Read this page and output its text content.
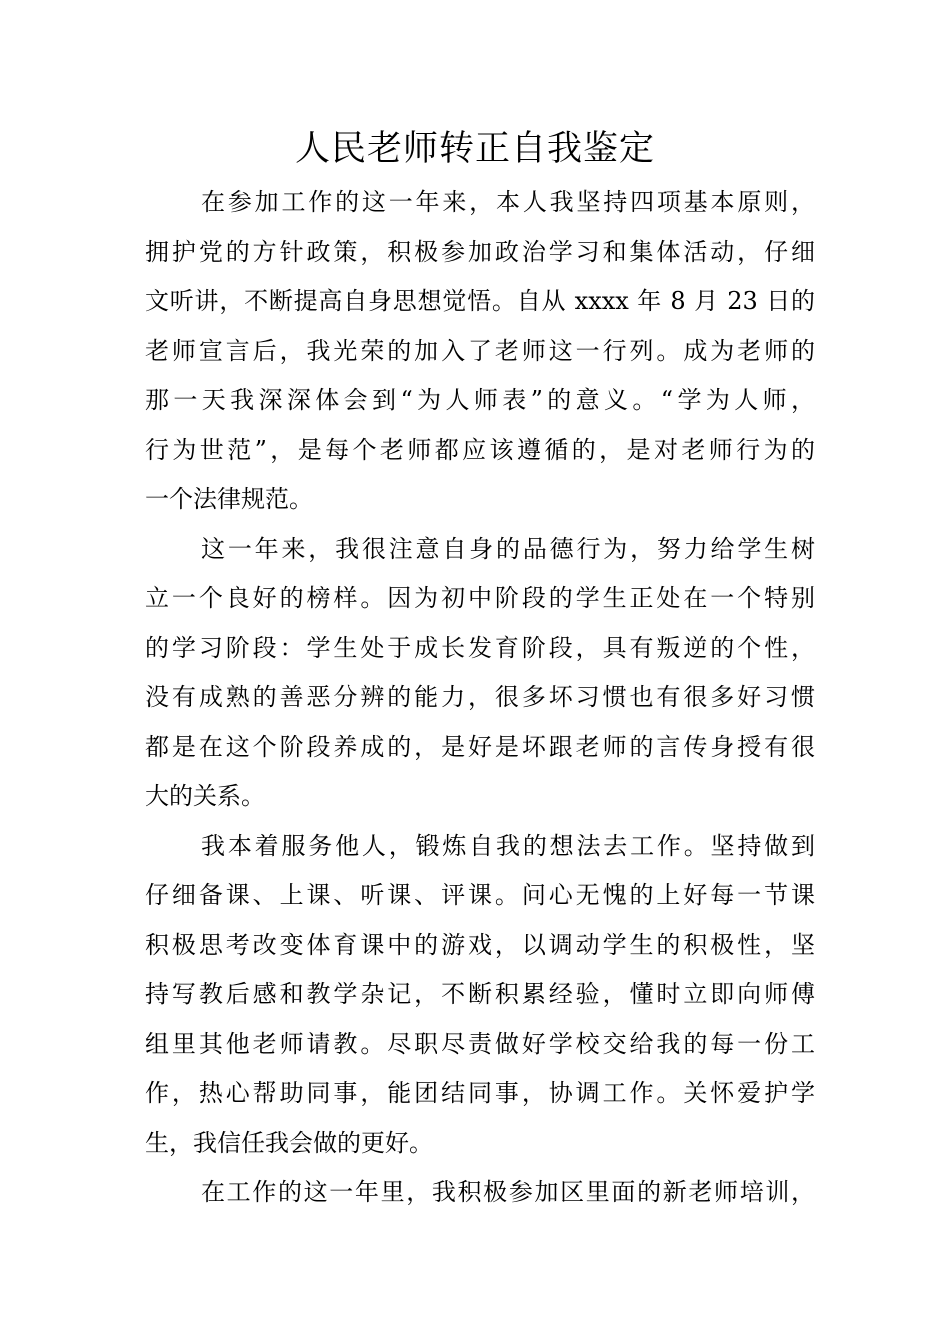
人民老师转正自我鉴定

在参加工作的这一年来，本人我坚持四项基本原则，
拥护党的方针政策，积极参加政治学习和集体活动，仔细
文听讲，不断提高自身思想觉悟。自从 xxxx 年 8 月 23 日的
老师宣言后，我光荣的加入了老师这一行列。成为老师的
那一天我深深体会到“为人师表”的意义。“学为人师，
行为世范”，是每个老师都应该遵循的，是对老师行为的
一个法律规范。

这一年来，我很注意自身的品德行为，努力给学生树
立一个良好的榜样。因为初中阶段的学生正处在一个特别
的学习阶段：学生处于成长发育阶段，具有叛逆的个性，
没有成熟的善恶分辨的能力，很多坏习惯也有很多好习惯
都是在这个阶段养成的，是好是坏跟老师的言传身授有很
大的关系。

我本着服务他人，锻炼自我的想法去工作。坚持做到
仔细备课、上课、听课、评课。问心无愧的上好每一节课
积极思考改变体育课中的游戏，以调动学生的积极性，坚
持写教后感和教学杂记，不断积累经验，懂时立即向师傅
组里其他老师请教。尽职尽责做好学校交给我的每一份工
作，热心帮助同事，能团结同事，协调工作。关怀爱护学
生，我信任我会做的更好。

在工作的这一年里，我积极参加区里面的新老师培训，
